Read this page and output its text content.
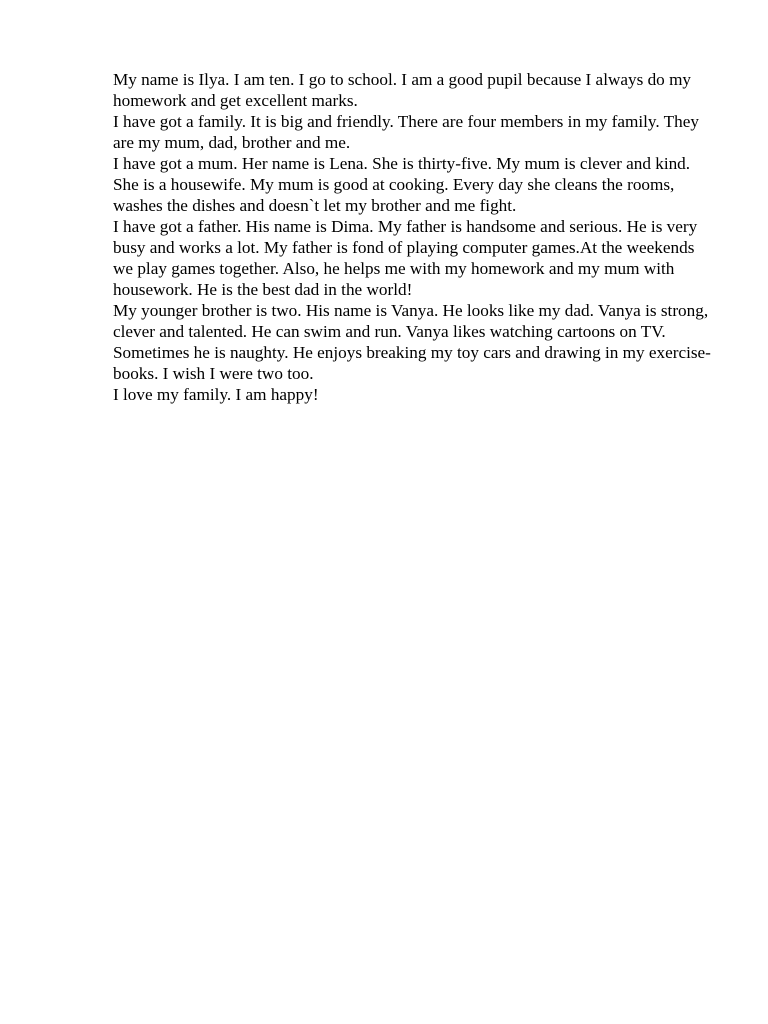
My name is Ilya. I am ten. I go to school. I am a good pupil because I always do my homework and get excellent marks.

I have got a family. It is big and friendly. There are four members in my family. They are my mum, dad, brother and me.

I have got a mum. Her name is Lena. She is thirty-five. My mum is clever and kind. She is a housewife. My mum is good at cooking. Every day she cleans the rooms, washes the dishes and doesn`t let my brother and me fight.

I have got a father. His name is Dima. My father is handsome and serious. He is very busy and works a lot. My father is fond of playing computer games.At the weekends we play games together. Also, he helps me with my homework and my mum with housework. He is the best dad in the world!

My younger brother is two. His name is Vanya. He looks like my dad. Vanya is strong, clever and talented. He can swim and run. Vanya likes watching cartoons on TV. Sometimes he is naughty. He enjoys breaking my toy cars and drawing in my exercise-books. I wish I were two too.

I love my family. I am happy!
